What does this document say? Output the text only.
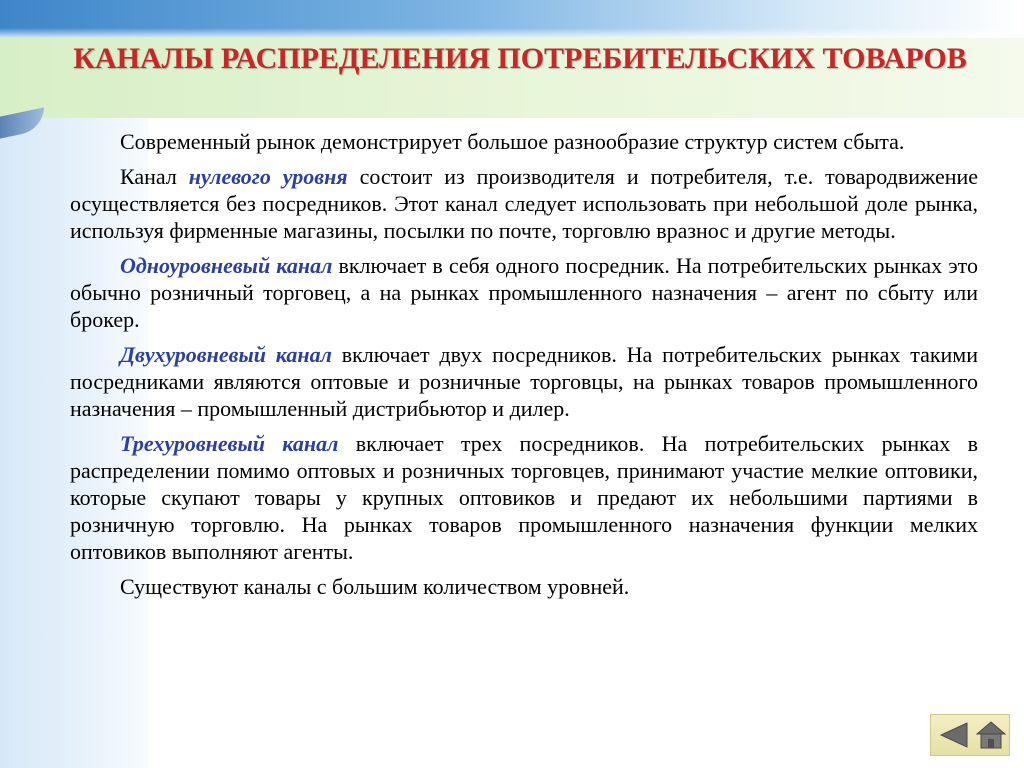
КАНАЛЫ РАСПРЕДЕЛЕНИЯ ПОТРЕБИТЕЛЬСКИХ ТОВАРОВ

Современный рынок демонстрирует большое разнообразие структур систем сбыта.

Канал нулевого уровня состоит из производителя и потребителя, т.е. товародвижение осуществляется без посредников. Этот канал следует использовать при небольшой доле рынка, используя фирменные магазины, посылки по почте, торговлю вразнос и другие методы.

Одноуровневый канал включает в себя одного посредник. На потребительских рынках это обычно розничный торговец, а на рынках промышленного назначения – агент по сбыту или брокер.

Двухуровневый канал включает двух посредников. На потребительских рынках такими посредниками являются оптовые и розничные торговцы, на рынках товаров промышленного назначения – промышленный дистрибьютор и дилер.

Трехуровневый канал включает трех посредников. На потребительских рынках в распределении помимо оптовых и розничных торговцев, принимают участие мелкие оптовики, которые скупают товары у крупных оптовиков и предают их небольшими партиями в розничную торговлю. На рынках товаров промышленного назначения функции мелких оптовиков выполняют агенты.

Существуют каналы с большим количеством уровней.
